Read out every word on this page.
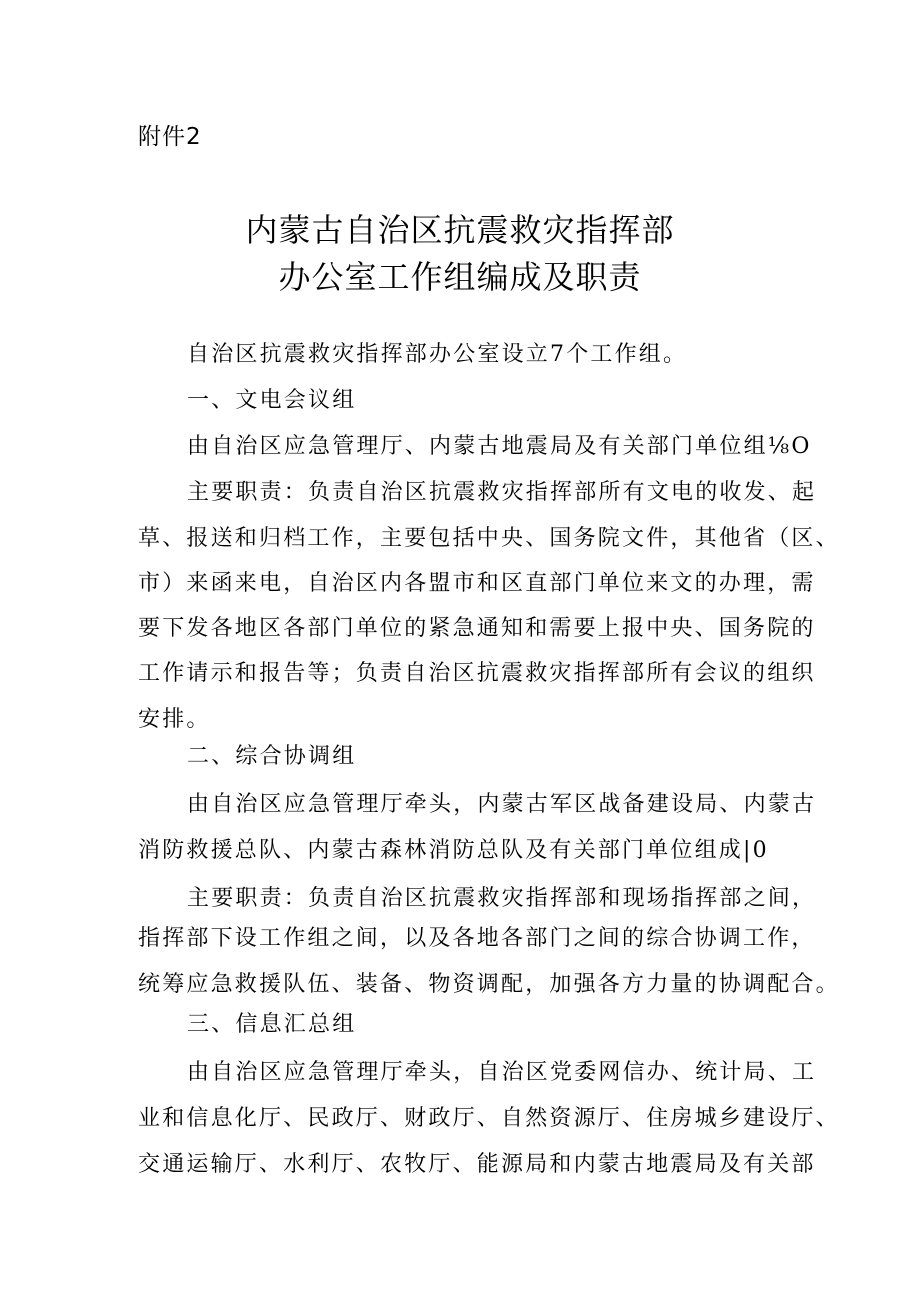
附件2
内蒙古自治区抗震救灾指挥部
办公室工作组编成及职责
自治区抗震救灾指挥部办公室设立7个工作组。
一、文电会议组
由自治区应急管理厅、内蒙古地震局及有关部门单位组⅛O
主要职责：负责自治区抗震救灾指挥部所有文电的收发、起
草、报送和归档工作，主要包括中央、国务院文件，其他省（区、
市）来函来电，自治区内各盟市和区直部门单位来文的办理，需
要下发各地区各部门单位的紧急通知和需要上报中央、国务院的
工作请示和报告等；负责自治区抗震救灾指挥部所有会议的组织
安排。
二、综合协调组
由自治区应急管理厅牵头，内蒙古军区战备建设局、内蒙古
消防救援总队、内蒙古森林消防总队及有关部门单位组成|0
主要职责：负责自治区抗震救灾指挥部和现场指挥部之间，
指挥部下设工作组之间，以及各地各部门之间的综合协调工作，
统筹应急救援队伍、装备、物资调配，加强各方力量的协调配合。
三、信息汇总组
由自治区应急管理厅牵头，自治区党委网信办、统计局、工
业和信息化厅、民政厅、财政厅、自然资源厅、住房城乡建设厅、
交通运输厅、水利厅、农牧厅、能源局和内蒙古地震局及有关部
